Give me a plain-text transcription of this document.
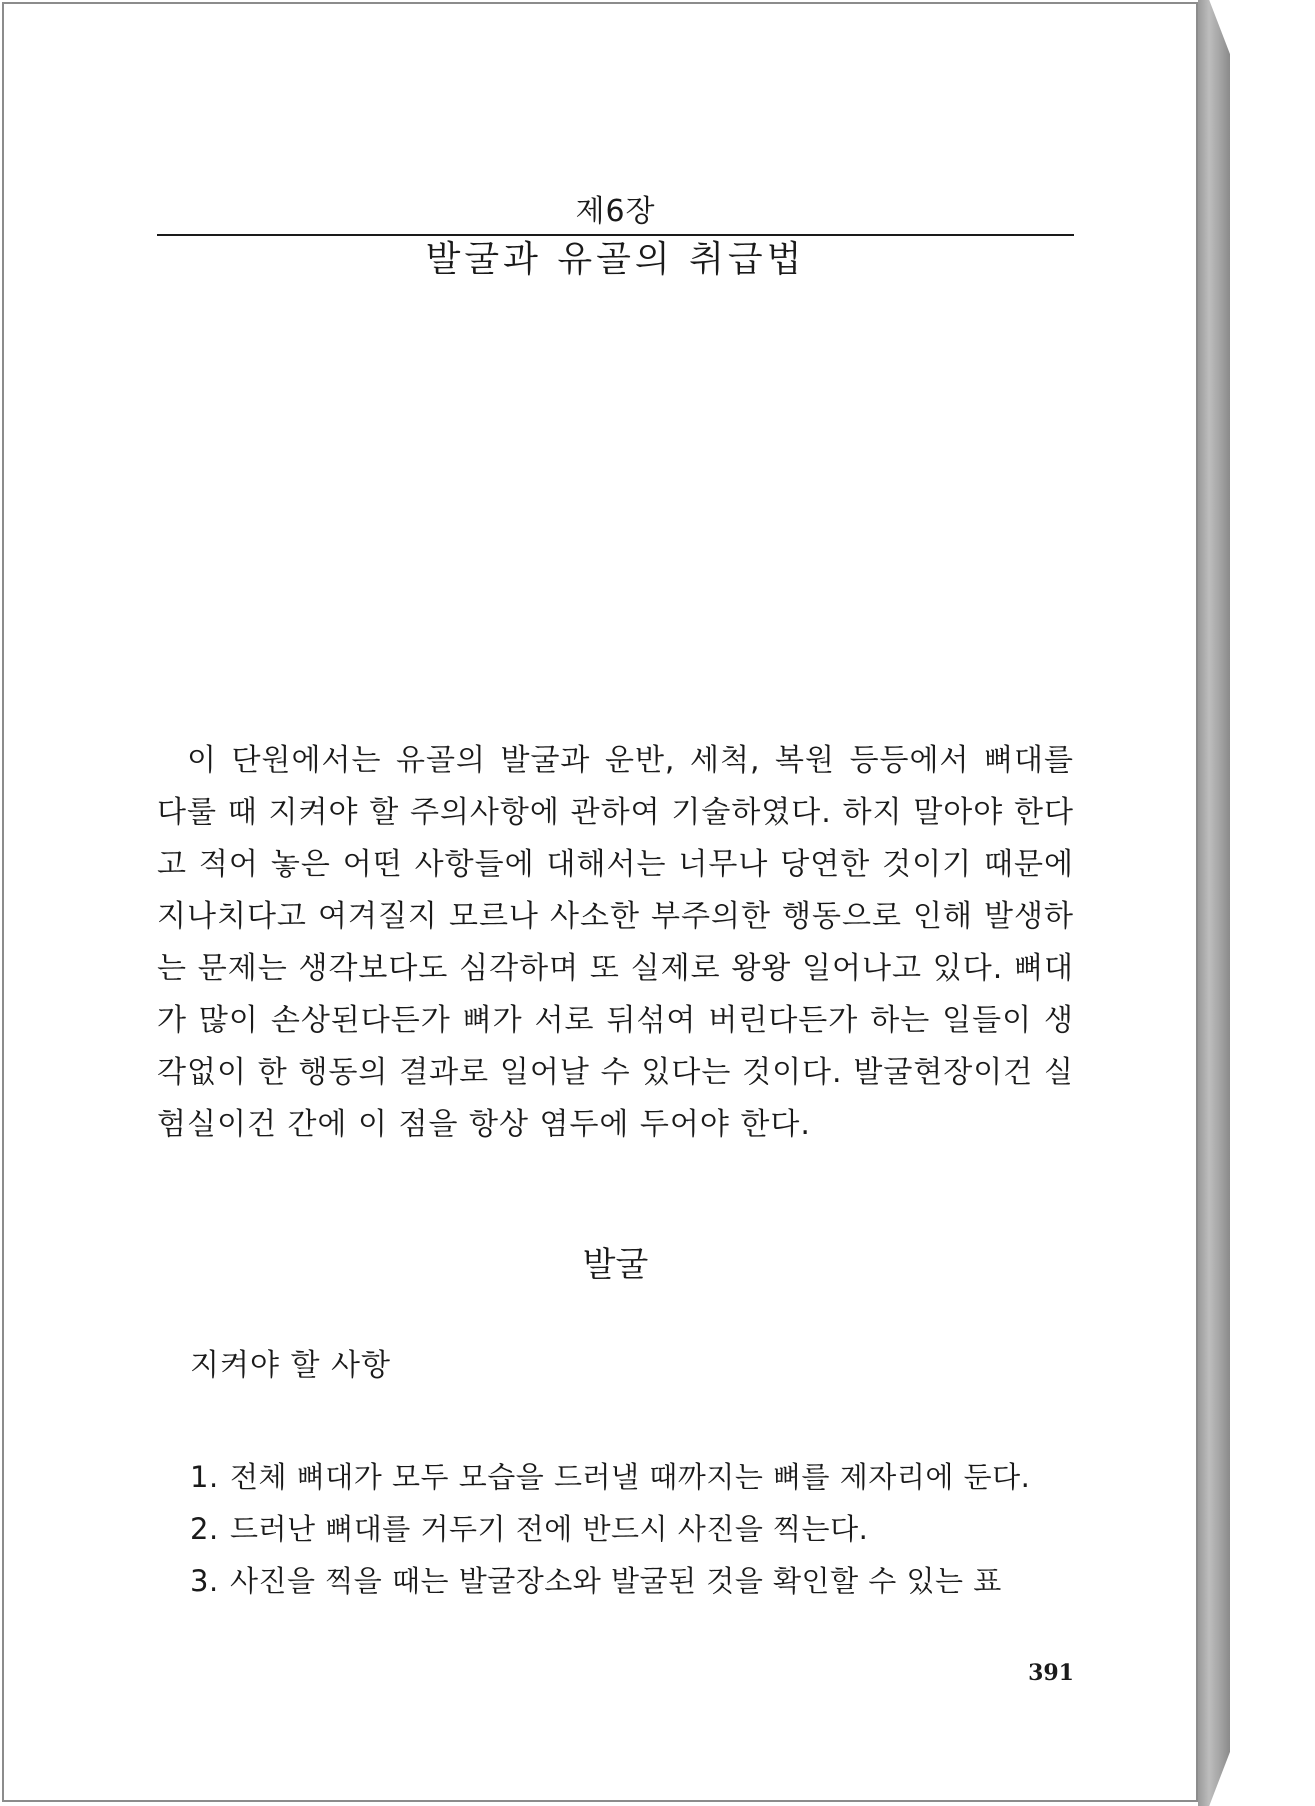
제6장
발굴과 유골의 취급법

이 단원에서는 유골의 발굴과 운반, 세척, 복원 등등에서 뼈대를 다룰 때 지켜야 할 주의사항에 관하여 기술하였다. 하지 말아야 한다고 적어 놓은 어떤 사항들에 대해서는 너무나 당연한 것이기 때문에 지나치다고 여겨질지 모르나 사소한 부주의한 행동으로 인해 발생하는 문제는 생각보다도 심각하며 또 실제로 왕왕 일어나고 있다. 뼈대가 많이 손상된다든가 뼈가 서로 뒤섞여 버린다든가 하는 일들이 생각없이 한 행동의 결과로 일어날 수 있다는 것이다. 발굴현장이건 실험실이건 간에 이 점을 항상 염두에 두어야 한다.

발굴
지켜야 할 사항
1. 전체 뼈대가 모두 모습을 드러낼 때까지는 뼈를 제자리에 둔다.
2. 드러난 뼈대를 거두기 전에 반드시 사진을 찍는다.
3. 사진을 찍을 때는 발굴장소와 발굴된 것을 확인할 수 있는 표
391
